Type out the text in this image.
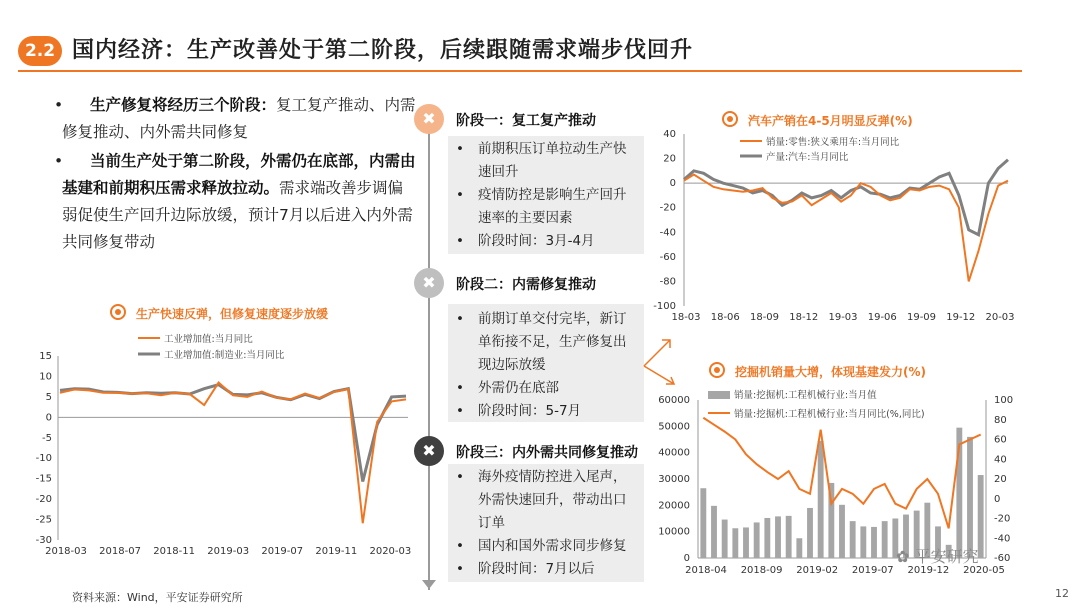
2.2 国内经济：生产改善处于第二阶段，后续跟随需求端步伐回升
• 生产修复将经历三个阶段：复工复产推动、内需修复推动、内外需共同修复
• 当前生产处于第二阶段，外需仍在底部，内需由基建和前期积压需求释放拉动。需求端改善步调偏弱促使生产回升边际放缓，预计7月以后进入内外需共同修复带动
生产快速反弹，但修复速度逐步放缓
15
10
5
0
-5
-10
-15
-20
-25
-30
2018-03 2018-07 2018-11 2019-03 2019-07 2019-11 2020-03
工业增加值:当月同比
工业增加值:制造业:当月同比
✖	阶段一：复工复产推动
• 前期积压订单拉动生产快速回升
• 疫情防控是影响生产回升速率的主要因素
• 阶段时间：3月-4月
✖	阶段二：内需修复推动
• 前期订单交付完毕，新订单衔接不足，生产修复出现边际放缓
• 外需仍在底部
• 阶段时间：5-7月
✖	阶段三：内外需共同修复推动
• 海外疫情防控进入尾声，外需快速回升，带动出口订单
• 国内和国外需求同步修复
• 阶段时间：7月以后
汽车产销在4-5月明显反弹(%)
40
20
0
-20
-40
-60
-80
-100
18-03 18-06 18-09 18-12 19-03 19-06 19-09 19-12 20-03
销量:零售:狭义乘用车:当月同比
产量:汽车:当月同比
挖掘机销量大增，体现基建发力(%)
60000
50000
40000
30000
20000
10000
0
100
80
60
40
20
0
-20
-40
-60
2018-04 2018-09 2019-02 2019-07 2019-12 2020-05
销量:挖掘机:工程机械行业:当月值
销量:挖掘机:工程机械行业:当月同比(%,同比)
资料来源：Wind，平安证券研究所	12
✿ 平安研究
